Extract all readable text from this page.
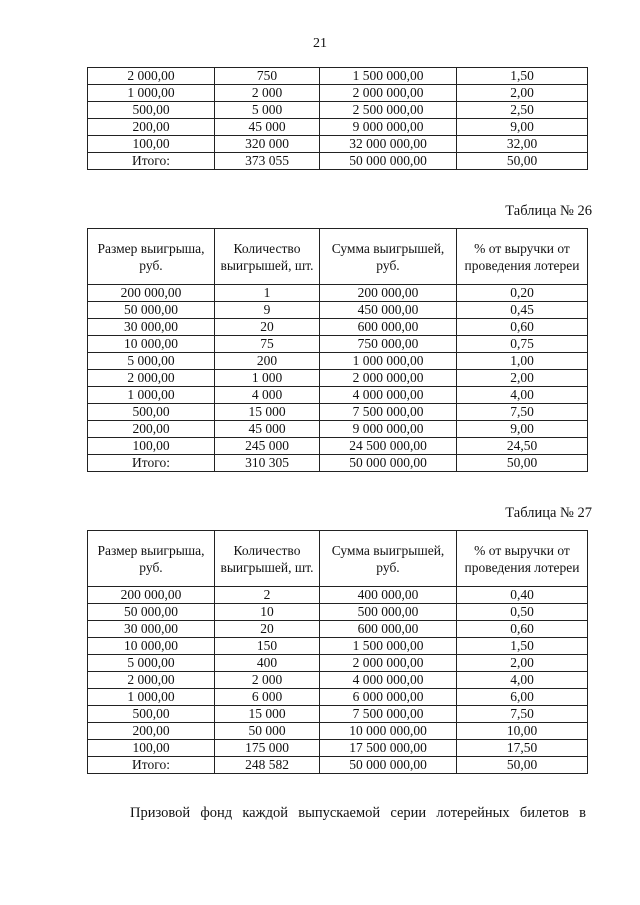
21
2 000,00	750	1 500 000,00	1,50
1 000,00	2 000	2 000 000,00	2,00
500,00	5 000	2 500 000,00	2,50
200,00	45 000	9 000 000,00	9,00
100,00	320 000	32 000 000,00	32,00
Итого:	373 055	50 000 000,00	50,00
Таблица № 26
Размер выигрыша, руб.	Количество выигрышей, шт.	Сумма выигрышей, руб.	% от выручки от проведения лотереи
200 000,00	1	200 000,00	0,20
50 000,00	9	450 000,00	0,45
30 000,00	20	600 000,00	0,60
10 000,00	75	750 000,00	0,75
5 000,00	200	1 000 000,00	1,00
2 000,00	1 000	2 000 000,00	2,00
1 000,00	4 000	4 000 000,00	4,00
500,00	15 000	7 500 000,00	7,50
200,00	45 000	9 000 000,00	9,00
100,00	245 000	24 500 000,00	24,50
Итого:	310 305	50 000 000,00	50,00
Таблица № 27
Размер выигрыша, руб.	Количество выигрышей, шт.	Сумма выигрышей, руб.	% от выручки от проведения лотереи
200 000,00	2	400 000,00	0,40
50 000,00	10	500 000,00	0,50
30 000,00	20	600 000,00	0,60
10 000,00	150	1 500 000,00	1,50
5 000,00	400	2 000 000,00	2,00
2 000,00	2 000	4 000 000,00	4,00
1 000,00	6 000	6 000 000,00	6,00
500,00	15 000	7 500 000,00	7,50
200,00	50 000	10 000 000,00	10,00
100,00	175 000	17 500 000,00	17,50
Итого:	248 582	50 000 000,00	50,00
Призовой фонд каждой выпускаемой серии лотерейных билетов в
